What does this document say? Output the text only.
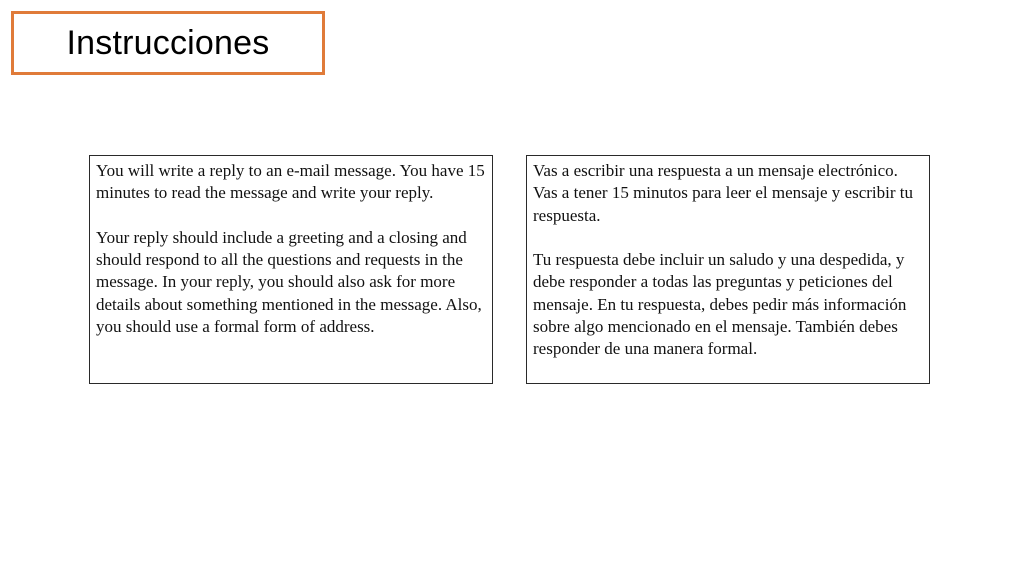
Instrucciones

You will write a reply to an e-mail message. You have 15 minutes to read the message and write your reply.

Your reply should include a greeting and a closing and should respond to all the questions and requests in the message. In your reply, you should also ask for more details about something mentioned in the message. Also, you should use a formal form of address.

Vas a escribir una respuesta a un mensaje electrónico. Vas a tener 15 minutos para leer el mensaje y escribir tu respuesta.

Tu respuesta debe incluir un saludo y una despedida, y debe responder a todas las preguntas y peticiones del mensaje. En tu respuesta, debes pedir más información sobre algo mencionado en el mensaje. También debes responder de una manera formal.
